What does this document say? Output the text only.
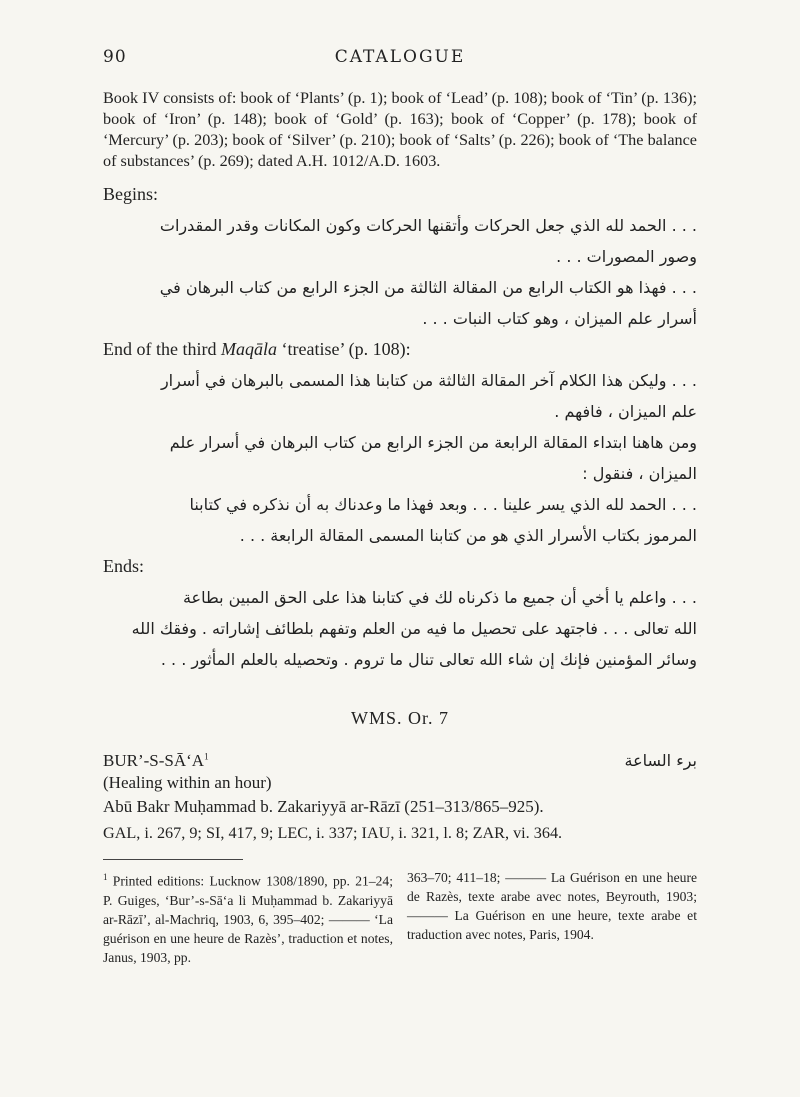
90	CATALOGUE

Book IV consists of: book of ‘Plants’ (p. 1); book of ‘Lead’ (p. 108); book of ‘Tin’ (p. 136); book of ‘Iron’ (p. 148); book of ‘Gold’ (p. 163); book of ‘Copper’ (p. 178); book of ‘Mercury’ (p. 203); book of ‘Silver’ (p. 210); book of ‘Salts’ (p. 226); book of ‘The balance of substances’ (p. 269); dated A.H. 1012/A.D. 1603.

Begins:
. . . الحمد لله الذي جعل الحركات وأتقنها الحركات وكون المكانات وقدر المقدرات
وصور المصورات . . .
. . . فهذا هو الكتاب الرابع من المقالة الثالثة من الجزء الرابع من كتاب البرهان في
أسرار علم الميزان ، وهو كتاب النبات . . .
End of the third Maqāla ‘treatise’ (p. 108):
. . . وليكن هذا الكلام آخر المقالة الثالثة من كتابنا هذا المسمى بالبرهان في أسرار
علم الميزان ، فافهم .
ومن هاهنا ابتداء المقالة الرابعة من الجزء الرابع من كتاب البرهان في أسرار علم
الميزان ، فنقول :
. . . الحمد لله الذي يسر علينا . . . وبعد فهذا ما وعدناك به أن نذكره في كتابنا
المرموز بكتاب الأسرار الذي هو من كتابنا المسمى المقالة الرابعة . . .
Ends:
. . . واعلم يا أخي أن جميع ما ذكرناه لك في كتابنا هذا على الحق المبين بطاعة
الله تعالى . . . فاجتهد على تحصيل ما فيه من العلم وتفهم بلطائف إشاراته . وفقك الله
وسائر المؤمنين فإنك إن شاء الله تعالى تنال ما تروم . وتحصيله بالعلم المأثور . . .
WMS. Or. 7
$BUR’-S-SĀ‘A^1$	برء الساعة
(Healing within an hour)
Abū Bakr Muḥammad b. Zakariyyā ar-Rāzī (251–313/865–925).
GAL, i. 267, 9; SI, 417, 9; LEC, i. 337; IAU, i. 321, l. 8; ZAR, vi. 364.
$^1$ Printed editions: Lucknow 1308/1890, pp. 21–24; P. Guiges, ‘Bur’-s-Sā‘a li Muḥammad b. Zakariyyā ar-Rāzī’, al-Machriq, 1903, 6, 395–402; ——— ‘La guérison en une heure de Razès’, traduction et notes, Janus, 1903, pp.
363–70; 411–18; ——— La Guérison en une heure de Razès, texte arabe avec notes, Beyrouth, 1903; ——— La Guérison en une heure, texte arabe et traduction avec notes, Paris, 1904.
